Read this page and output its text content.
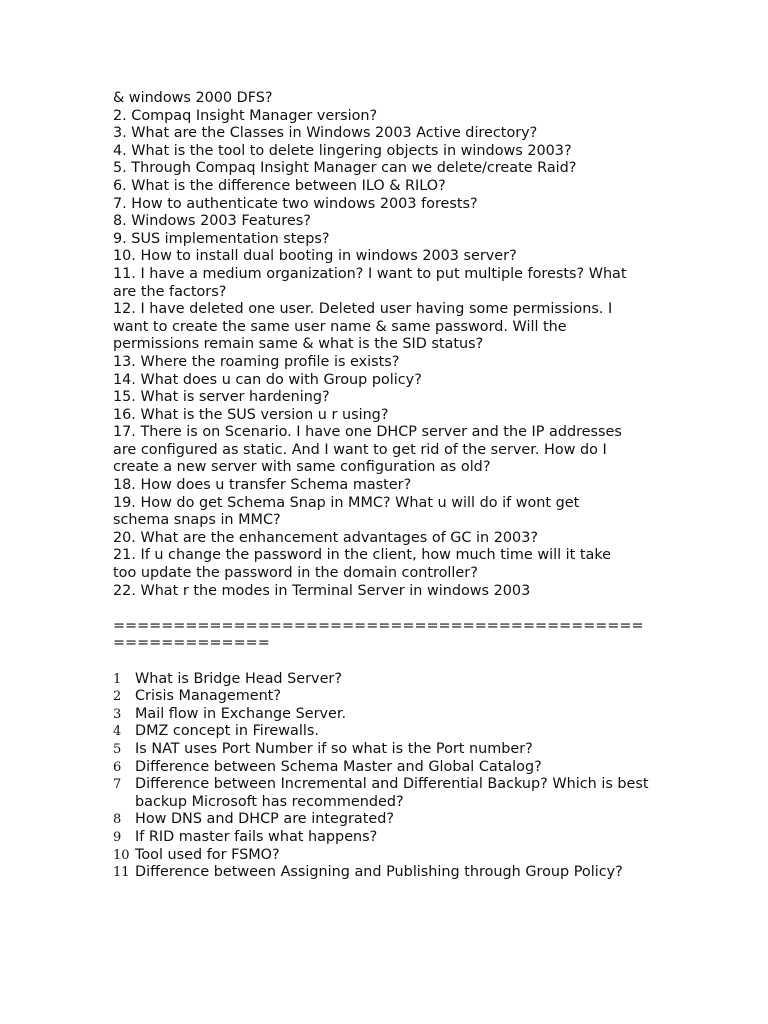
& windows 2000 DFS?
2. Compaq Insight Manager version?
3. What are the Classes in Windows 2003 Active directory?
4. What is the tool to delete lingering objects in windows 2003?
5. Through Compaq Insight Manager can we delete/create Raid?
6. What is the difference between ILO & RILO?
7. How to authenticate two windows 2003 forests?
8. Windows 2003 Features?
9. SUS implementation steps?
10. How to install dual booting in windows 2003 server?
11. I have a medium organization? I want to put multiple forests? What
are the factors?
12. I have deleted one user. Deleted user having some permissions. I
want to create the same user name & same password. Will the
permissions remain same & what is the SID status?
13. Where the roaming profile is exists?
14. What does u can do with Group policy?
15. What is server hardening?
16. What is the SUS version u r using?
17. There is on Scenario. I have one DHCP server and the IP addresses
are configured as static. And I want to get rid of the server. How do I
create a new server with same configuration as old?
18. How does u transfer Schema master?
19. How do get Schema Snap in MMC? What u will do if wont get
schema snaps in MMC?
20. What are the enhancement advantages of GC in 2003?
21. If u change the password in the client, how much time will it take
too update the password in the domain controller?
22. What r the modes in Terminal Server in windows 2003
=========================================================
1 What is Bridge Head Server?
2 Crisis Management?
3 Mail flow in Exchange Server.
4 DMZ concept in Firewalls.
5 Is NAT uses Port Number if so what is the Port number?
6 Difference between Schema Master and Global Catalog?
7 Difference between Incremental and Differential Backup? Which is best backup Microsoft has recommended?
8 How DNS and DHCP are integrated?
9 If RID master fails what happens?
10 Tool used for FSMO?
11 Difference between Assigning and Publishing through Group Policy?
